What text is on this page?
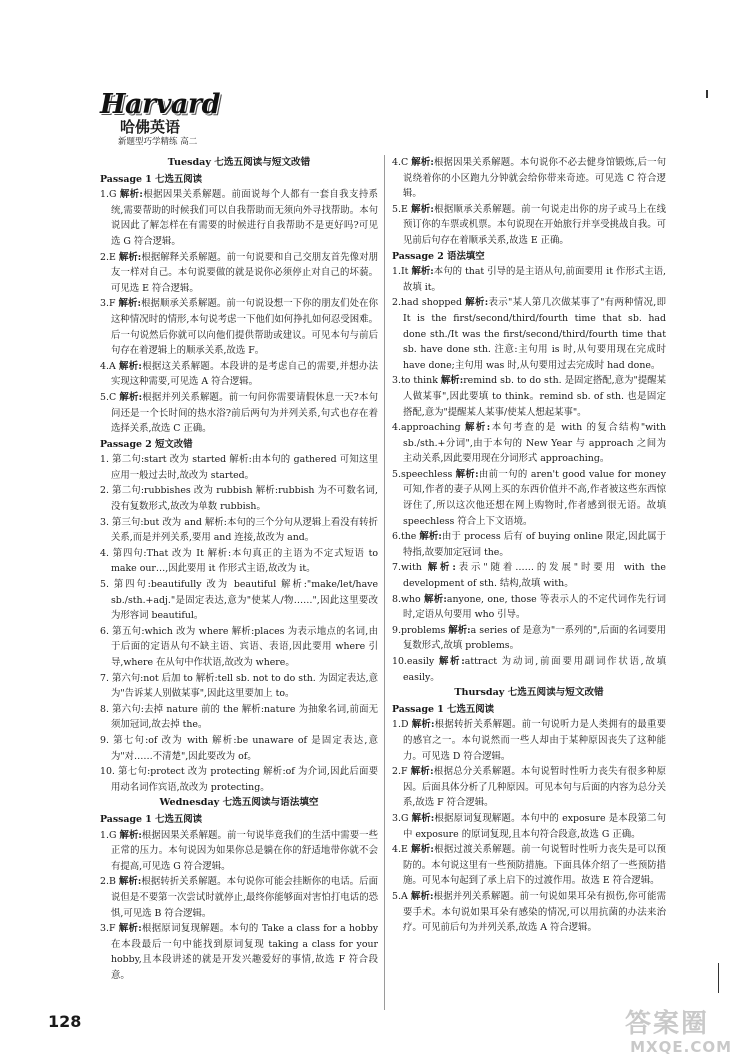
Harvard
哈佛英语
新题型巧学精练 高二
Tuesday 七选五阅读与短文改错
Passage 1 七选五阅读

1.G 解析:根据因果关系解题。前面说每个人都有一套自我支持系统,需要帮助的时候我们可以自我帮助而无须向外寻找帮助。本句说因此了解怎样在有需要的时候进行自我帮助不是更好吗?可见选 G 符合逻辑。

2.E 解析:根据解释关系解题。前一句说要和自己交朋友首先像对朋友一样对自己。本句说要做的就是说你必须停止对自己的坏藐。可见选 E 符合逻辑。

3.F 解析:根据顺承关系解题。前一句说设想一下你的朋友们处在你这种情况时的情形,本句说考虑一下他们如何挣扎如何忍受困难。后一句说然后你就可以向他们提供帮助或建议。可见本句与前后句存在着逻辑上的顺承关系,故选 F。

4.A 解析:根据这关系解题。本段讲的是考虑自己的需要,并想办法实现这种需要,可见选 A 符合逻辑。

5.C 解析:根据并列关系解题。前一句问你需要请假休息一天?本句问还是一个长时间的热水浴?前后两句为并列关系,句式也存在着选择关系,故选 C 正确。

Passage 2 短文改错

1. 第二句:start 改为 started 解析:由本句的 gathered 可知这里应用一般过去时,故改为 started。

2. 第二句:rubbishes 改为 rubbish 解析:rubbish 为不可数名词,没有复数形式,故改为单数 rubbish。

3. 第三句:but 改为 and 解析:本句的三个分句从逻辑上看没有转折关系,而是并列关系,要用 and 连接,故改为 and。

4. 第四句:That 改为 It 解析:本句真正的主语为不定式短语 to make our…,因此要用 it 作形式主语,故改为 it。

5. 第四句:beautifully 改为 beautiful 解析:"make/let/have sb./sth.+adj."是固定表达,意为"使某人/物……",因此这里要改为形容词 beautiful。

6. 第五句:which 改为 where 解析:places 为表示地点的名词,由于后面的定语从句不缺主语、宾语、表语,因此要用 where 引导,where 在从句中作状语,故改为 where。

7. 第六句:not 后加 to 解析:tell sb. not to do sth. 为固定表达,意为"告诉某人别做某事",因此这里要加上 to。

8. 第六句:去掉 nature 前的 the 解析:nature 为抽象名词,前面无须加冠词,故去掉 the。

9. 第七句:of 改为 with 解析:be unaware of 是固定表达,意为"对……不清楚",因此要改为 of。

10. 第七句:protect 改为 protecting 解析:of 为介词,因此后面要用动名词作宾语,故改为 protecting。

Wednesday 七选五阅读与语法填空
Passage 1 七选五阅读

1.G 解析:根据因果关系解题。前一句说毕竟我们的生活中需要一些正常的压力。本句说因为如果你总是躺在你的舒适地带你就不会有提高,可见选 G 符合逻辑。

2.B 解析:根据转折关系解题。本句说你可能会挂断你的电话。后面说但是不要第一次尝试时就停止,最终你能够面对害怕打电话的恐惧,可见选 B 符合逻辑。

3.F 解析:根据原词复现解题。本句的 Take a class for a hobby 在本段最后一句中能找到原词复现 taking a class for your hobby,且本段讲述的就是开发兴趣爱好的事情,故选 F 符合段意。

4.C 解析:根据因果关系解题。本句说你不必去健身馆锻炼,后一句说绕着你的小区跑九分钟就会给你带来奇迹。可见选 C 符合逻辑。

5.E 解析:根据顺承关系解题。前一句说走出你的房子或马上在线预订你的车票或机票。本句说现在开始旅行并享受挑战自我。可见前后句存在着顺承关系,故选 E 正确。

Passage 2 语法填空

1.It 解析:本句的 that 引导的是主语从句,前面要用 it 作形式主语,故填 it。

2.had shopped 解析:表示"某人第几次做某事了"有两种情况,即 It is the first/second/third/fourth time that sb. had done sth./It was the first/second/third/fourth time that sb. have done sth. 注意:主句用 is 时,从句要用现在完成时 have done;主句用 was 时,从句要用过去完成时 had done。

3.to think 解析:remind sb. to do sth. 是固定搭配,意为"提醒某人做某事",因此要填 to think。remind sb. of sth. 也是固定搭配,意为"提醒某人某事/使某人想起某事"。

4.approaching 解析:本句考查的是 with 的复合结构"with sb./sth.+分词",由于本句的 New Year 与 approach 之间为主动关系,因此要用现在分词形式 approaching。

5.speechless 解析:由前一句的 aren't good value for money 可知,作者的妻子从网上买的东西价值并不高,作者被这些东西惊讶住了,所以这次他还想在网上购物时,作者感到很无语。故填 speechless 符合上下文语境。

6.the 解析:由于 process 后有 of buying online 限定,因此属于特指,故要加定冠词 the。

7.with 解析:表示"随着……的发展"时要用 with the development of sth. 结构,故填 with。

8.who 解析:anyone, one, those 等表示人的不定代词作先行词时,定语从句要用 who 引导。

9.problems 解析:a series of 是意为"一系列的",后面的名词要用复数形式,故填 problems。

10.easily 解析:attract 为动词,前面要用副词作状语,故填 easily。

Thursday 七选五阅读与短文改错
Passage 1 七选五阅读

1.D 解析:根据转折关系解题。前一句说听力是人类拥有的最重要的感官之一。本句说然而一些人却由于某种原因丧失了这种能力。可见选 D 符合逻辑。

2.F 解析:根据总分关系解题。本句说暂时性听力丧失有很多种原因。后面具体分析了几种原因。可见本句与后面的内容为总分关系,故选 F 符合逻辑。

3.G 解析:根据原词复现解题。本句中的 exposure 是本段第二句中 exposure 的原词复现,且本句符合段意,故选 G 正确。

4.E 解析:根据过渡关系解题。前一句说暂时性听力丧失是可以预防的。本句说这里有一些预防措施。下面具体介绍了一些预防措施。可见本句起到了承上启下的过渡作用。故选 E 符合逻辑。

5.A 解析:根据并列关系解题。前一句说如果耳朵有损伤,你可能需要手术。本句说如果耳朵有感染的情况,可以用抗菌的办法来治疗。可见前后句为并列关系,故选 A 符合逻辑。

128	答案圈
MXQE.COM
